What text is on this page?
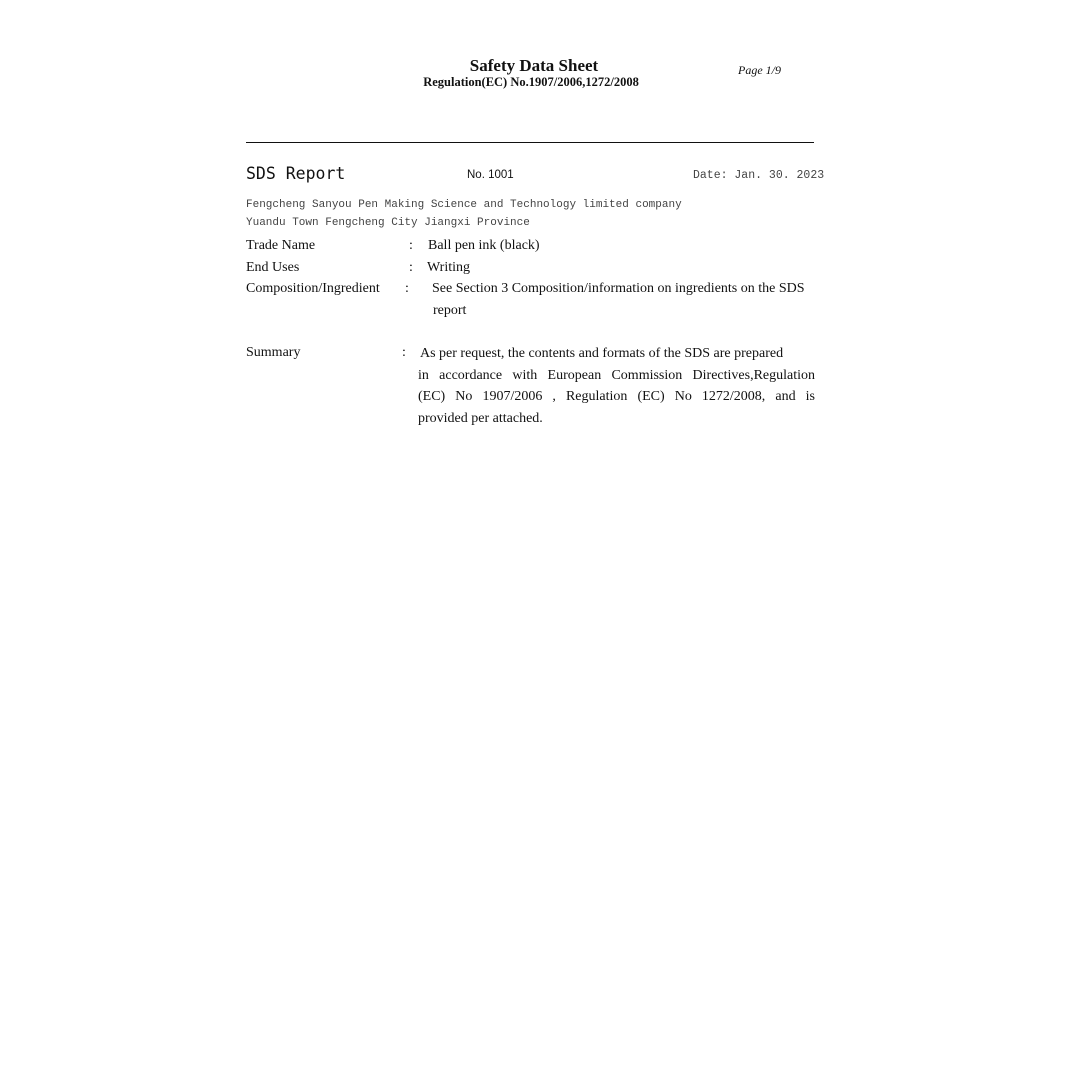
Safety Data Sheet
Regulation(EC) No.1907/2006,1272/2008
Page 1/9
SDS Report	No. 1001	Date: Jan. 30. 2023
Fengcheng Sanyou Pen Making Science and Technology limited company
Yuandu Town Fengcheng City Jiangxi Province
Trade Name	: Ball pen ink (black)
End Uses	: Writing
Composition/Ingredient : See Section 3 Composition/information on ingredients on the SDS
report
Summary	: As per request, the contents and formats of the SDS are prepared
in accordance with European Commission Directives,Regulation
(EC) No 1907/2006 , Regulation (EC) No 1272/2008, and is
provided per attached.
